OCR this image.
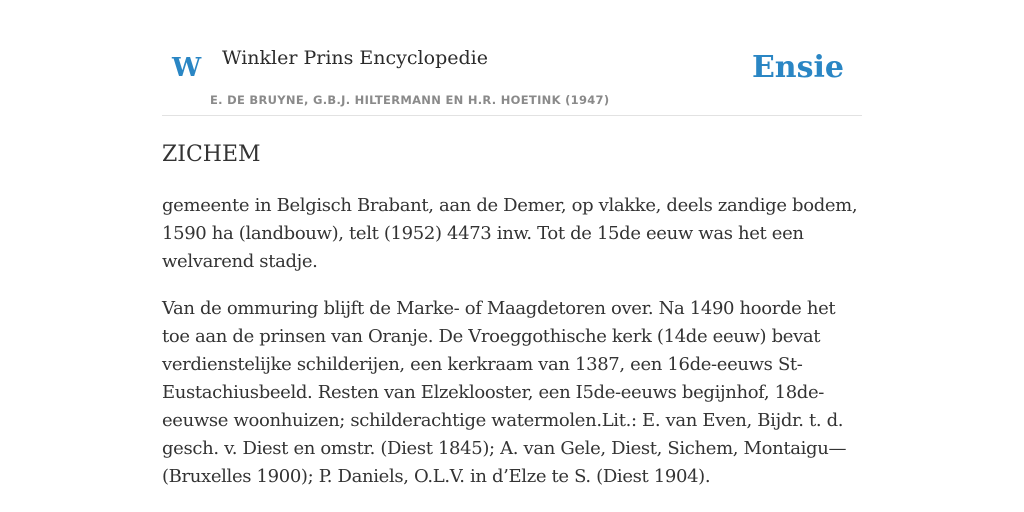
W Winkler Prins Encyclopedie
E. DE BRUYNE, G.B.J. HILTERMANN EN H.R. HOETINK (1947)
Ensie
ZICHEM

gemeente in Belgisch Brabant, aan de Demer, op vlakke, deels zandige bodem, 1590 ha (landbouw), telt (1952) 4473 inw. Tot de 15de eeuw was het een welvarend stadje.

Van de ommuring blijft de Marke- of Maagdetoren over. Na 1490 hoorde het toe aan de prinsen van Oranje. De Vroeggothische kerk (14de eeuw) bevat verdienstelijke schilderijen, een kerkraam van 1387, een 16de-eeuws St-Eustachiusbeeld. Resten van Elzeklooster, een I5de-eeuws begijnhof, 18de-eeuwse woonhuizen; schilderachtige watermolen.Lit.: E. van Even, Bijdr. t. d. gesch. v. Diest en omstr. (Diest 1845); A. van Gele, Diest, Sichem, Montaigu— (Bruxelles 1900); P. Daniels, O.L.V. in d’Elze te S. (Diest 1904).
